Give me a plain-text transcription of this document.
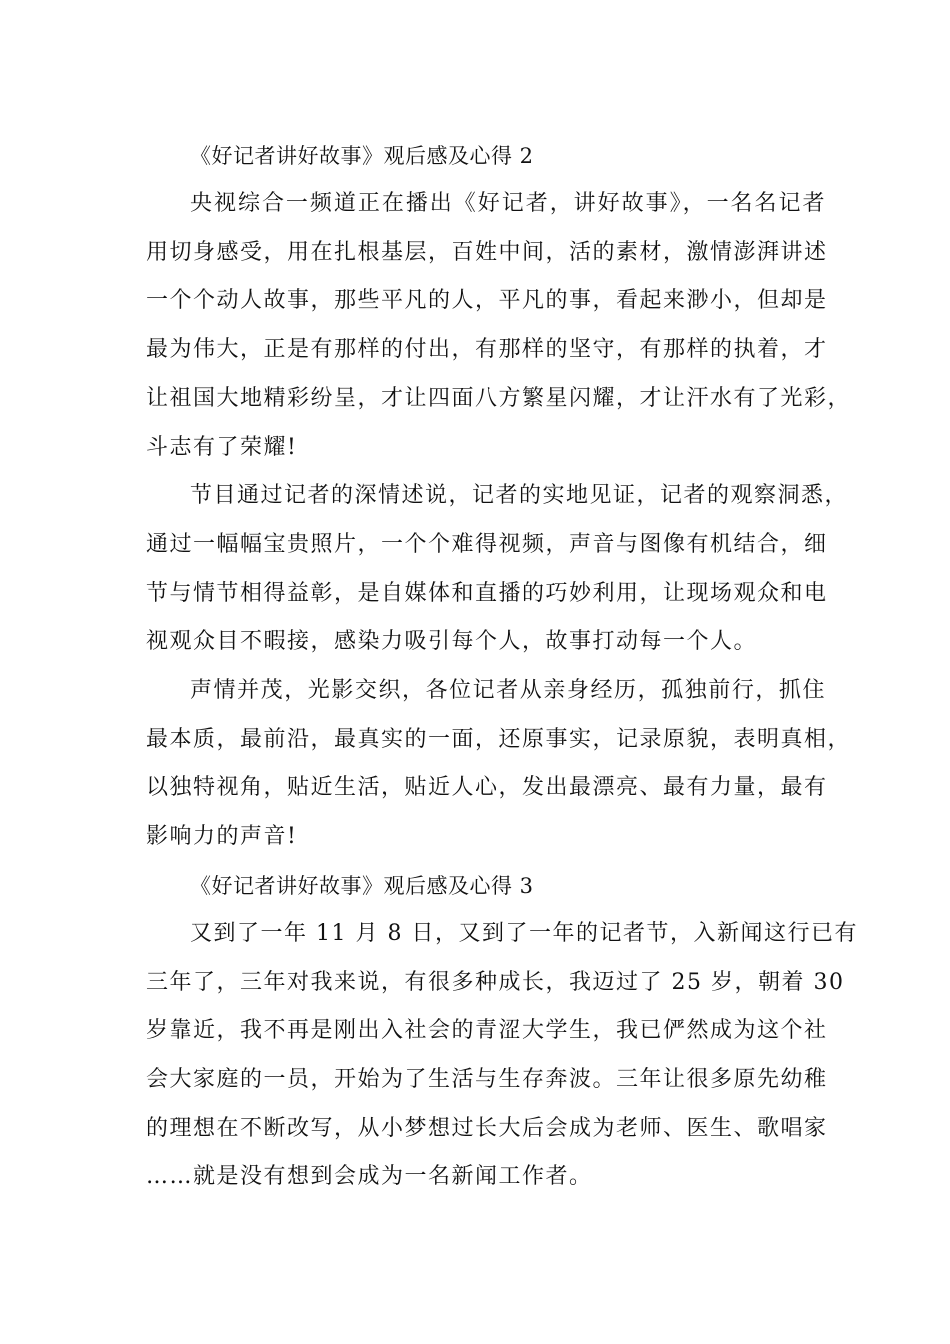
《好记者讲好故事》观后感及心得 2

央视综合一频道正在播出《好记者，讲好故事》，一名名记者
用切身感受，用在扎根基层，百姓中间，活的素材，激情澎湃讲述
一个个动人故事，那些平凡的人，平凡的事，看起来渺小，但却是
最为伟大，正是有那样的付出，有那样的坚守，有那样的执着，才
让祖国大地精彩纷呈，才让四面八方繁星闪耀，才让汗水有了光彩，
斗志有了荣耀!

节目通过记者的深情述说，记者的实地见证，记者的观察洞悉，
通过一幅幅宝贵照片，一个个难得视频，声音与图像有机结合，细
节与情节相得益彰，是自媒体和直播的巧妙利用，让现场观众和电
视观众目不暇接，感染力吸引每个人，故事打动每一个人。

声情并茂，光影交织，各位记者从亲身经历，孤独前行，抓住
最本质，最前沿，最真实的一面，还原事实，记录原貌，表明真相，
以独特视角，贴近生活，贴近人心，发出最漂亮、最有力量，最有
影响力的声音!

《好记者讲好故事》观后感及心得 3

又到了一年 11 月 8 日，又到了一年的记者节，入新闻这行已有
三年了，三年对我来说，有很多种成长，我迈过了 25 岁，朝着 30
岁靠近，我不再是刚出入社会的青涩大学生，我已俨然成为这个社
会大家庭的一员，开始为了生活与生存奔波。三年让很多原先幼稚
的理想在不断改写，从小梦想过长大后会成为老师、医生、歌唱家
……就是没有想到会成为一名新闻工作者。
